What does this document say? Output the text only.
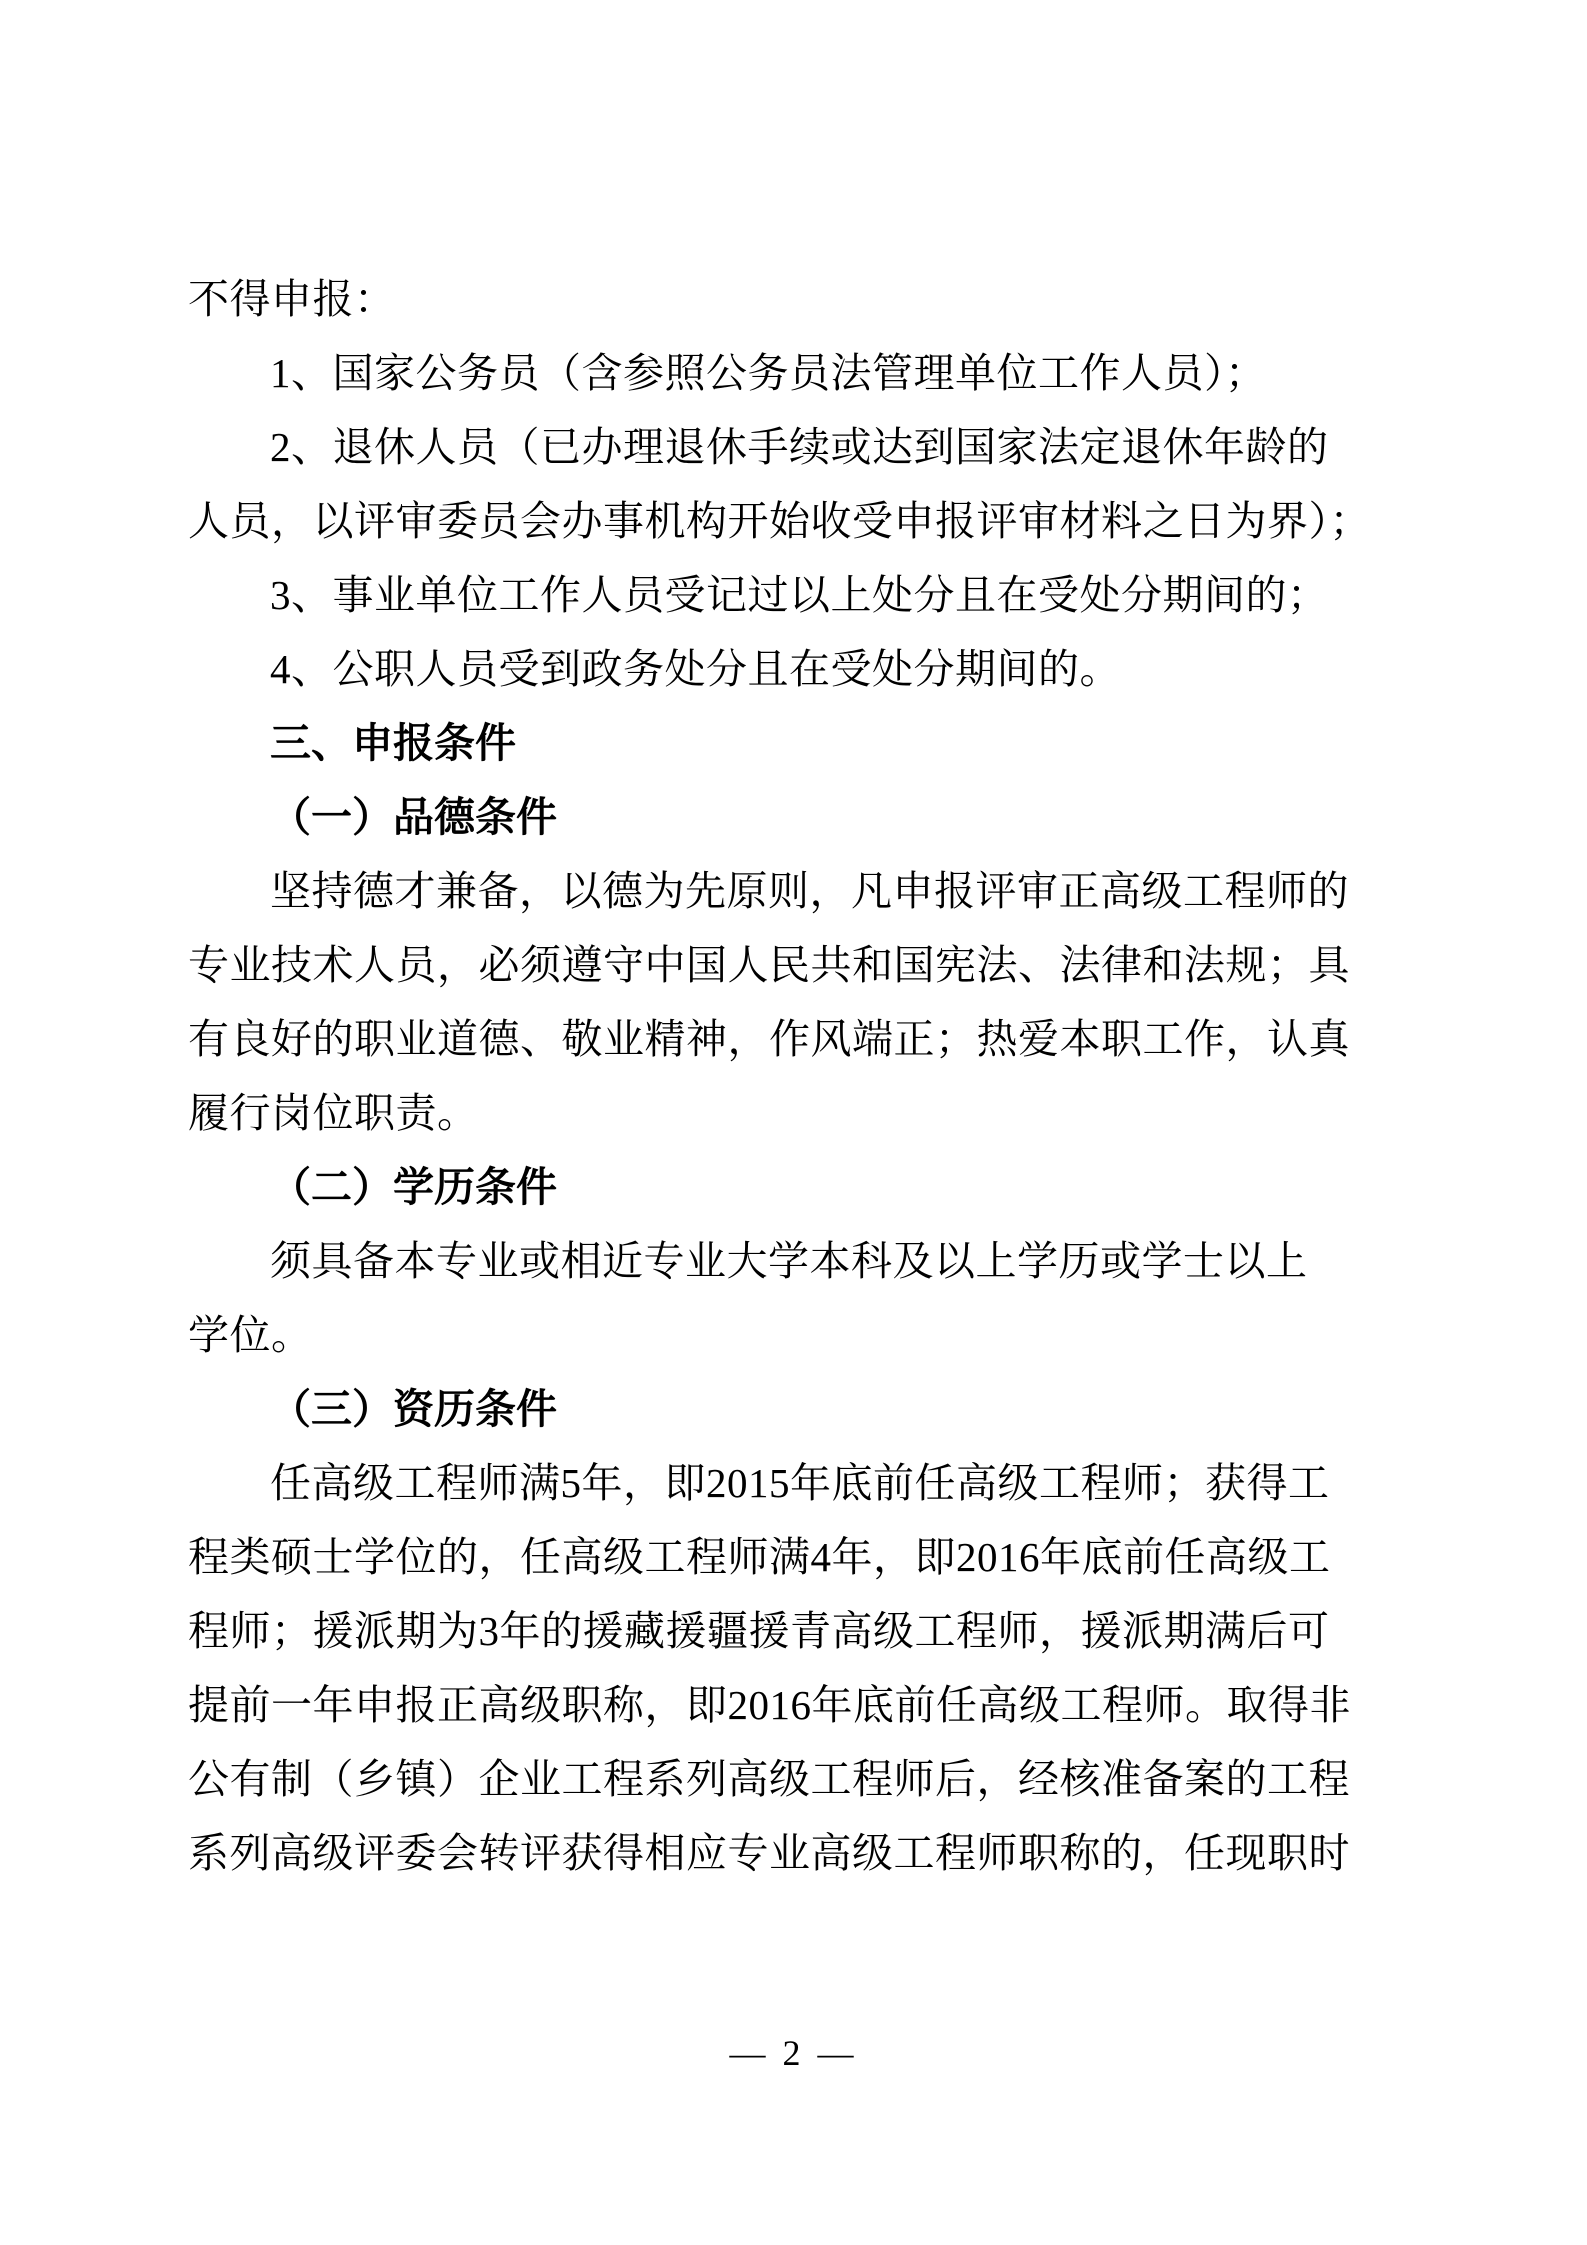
不得申报：
1、国家公务员（含参照公务员法管理单位工作人员）；
2、退休人员（已办理退休手续或达到国家法定退休年龄的
人员，以评审委员会办事机构开始收受申报评审材料之日为界）；
3、事业单位工作人员受记过以上处分且在受处分期间的；
4、公职人员受到政务处分且在受处分期间的。
三、申报条件
（一）品德条件
坚持德才兼备，以德为先原则，凡申报评审正高级工程师的
专业技术人员，必须遵守中国人民共和国宪法、法律和法规；具
有良好的职业道德、敬业精神，作风端正；热爱本职工作，认真
履行岗位职责。
（二）学历条件
须具备本专业或相近专业大学本科及以上学历或学士以上
学位。
（三）资历条件
任高级工程师满5年，即2015年底前任高级工程师；获得工
程类硕士学位的，任高级工程师满4年，即2016年底前任高级工
程师；援派期为3年的援藏援疆援青高级工程师，援派期满后可
提前一年申报正高级职称，即2016年底前任高级工程师。取得非
公有制（乡镇）企业工程系列高级工程师后，经核准备案的工程
系列高级评委会转评获得相应专业高级工程师职称的，任现职时
— 2 —
